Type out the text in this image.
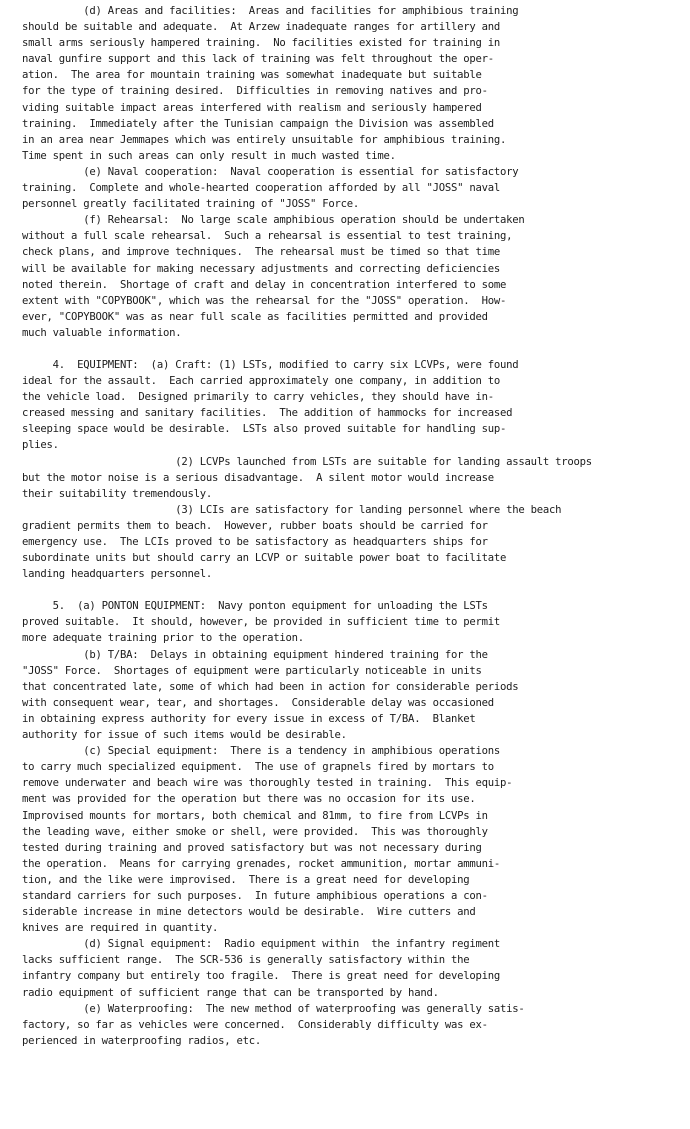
(d) Areas and facilities:  Areas and facilities for amphibious training
should be suitable and adequate.  At Arzew inadequate ranges for artillery and
small arms seriously hampered training.  No facilities existed for training in
naval gunfire support and this lack of training was felt throughout the oper-
ation.  The area for mountain training was somewhat inadequate but suitable
for the type of training desired.  Difficulties in removing natives and pro-
viding suitable impact areas interfered with realism and seriously hampered
training.  Immediately after the Tunisian campaign the Division was assembled
in an area near Jemmapes which was entirely unsuitable for amphibious training.
Time spent in such areas can only result in much wasted time.
(e) Naval cooperation:  Naval cooperation is essential for satisfactory
training.  Complete and whole-hearted cooperation afforded by all "JOSS" naval
personnel greatly facilitated training of "JOSS" Force.
(f) Rehearsal:  No large scale amphibious operation should be undertaken
without a full scale rehearsal.  Such a rehearsal is essential to test training,
check plans, and improve techniques.  The rehearsal must be timed so that time
will be available for making necessary adjustments and correcting deficiencies
noted therein.  Shortage of craft and delay in concentration interfered to some
extent with "COPYBOOK", which was the rehearsal for the "JOSS" operation.  How-
ever, "COPYBOOK" was as near full scale as facilities permitted and provided
much valuable information.
4.  EQUIPMENT:  (a) Craft: (1) LSTs, modified to carry six LCVPs, were found
ideal for the assault.  Each carried approximately one company, in addition to
the vehicle load.  Designed primarily to carry vehicles, they should have in-
creased messing and sanitary facilities.  The addition of hammocks for increased
sleeping space would be desirable.  LSTs also proved suitable for handling sup-
plies.
(2) LCVPs launched from LSTs are suitable for landing assault troops
but the motor noise is a serious disadvantage.  A silent motor would increase
their suitability tremendously.
(3) LCIs are satisfactory for landing personnel where the beach
gradient permits them to beach.  However, rubber boats should be carried for
emergency use.  The LCIs proved to be satisfactory as headquarters ships for
subordinate units but should carry an LCVP or suitable power boat to facilitate
landing headquarters personnel.
5.  (a) PONTON EQUIPMENT:  Navy ponton equipment for unloading the LSTs
proved suitable.  It should, however, be provided in sufficient time to permit
more adequate training prior to the operation.
(b) T/BA:  Delays in obtaining equipment hindered training for the
"JOSS" Force.  Shortages of equipment were particularly noticeable in units
that concentrated late, some of which had been in action for considerable periods
with consequent wear, tear, and shortages.  Considerable delay was occasioned
in obtaining express authority for every issue in excess of T/BA.  Blanket
authority for issue of such items would be desirable.
(c) Special equipment:  There is a tendency in amphibious operations
to carry much specialized equipment.  The use of grapnels fired by mortars to
remove underwater and beach wire was thoroughly tested in training.  This equip-
ment was provided for the operation but there was no occasion for its use.
Improvised mounts for mortars, both chemical and 81mm, to fire from LCVPs in
the leading wave, either smoke or shell, were provided.  This was thoroughly
tested during training and proved satisfactory but was not necessary during
the operation.  Means for carrying grenades, rocket ammunition, mortar ammuni-
tion, and the like were improvised.  There is a great need for developing
standard carriers for such purposes.  In future amphibious operations a con-
siderable increase in mine detectors would be desirable.  Wire cutters and
knives are required in quantity.
(d) Signal equipment:  Radio equipment within  the infantry regiment
lacks sufficient range.  The SCR-536 is generally satisfactory within the
infantry company but entirely too fragile.  There is great need for developing
radio equipment of sufficient range that can be transported by hand.
(e) Waterproofing:  The new method of waterproofing was generally satis-
factory, so far as vehicles were concerned.  Considerably difficulty was ex-
perienced in waterproofing radios, etc.
